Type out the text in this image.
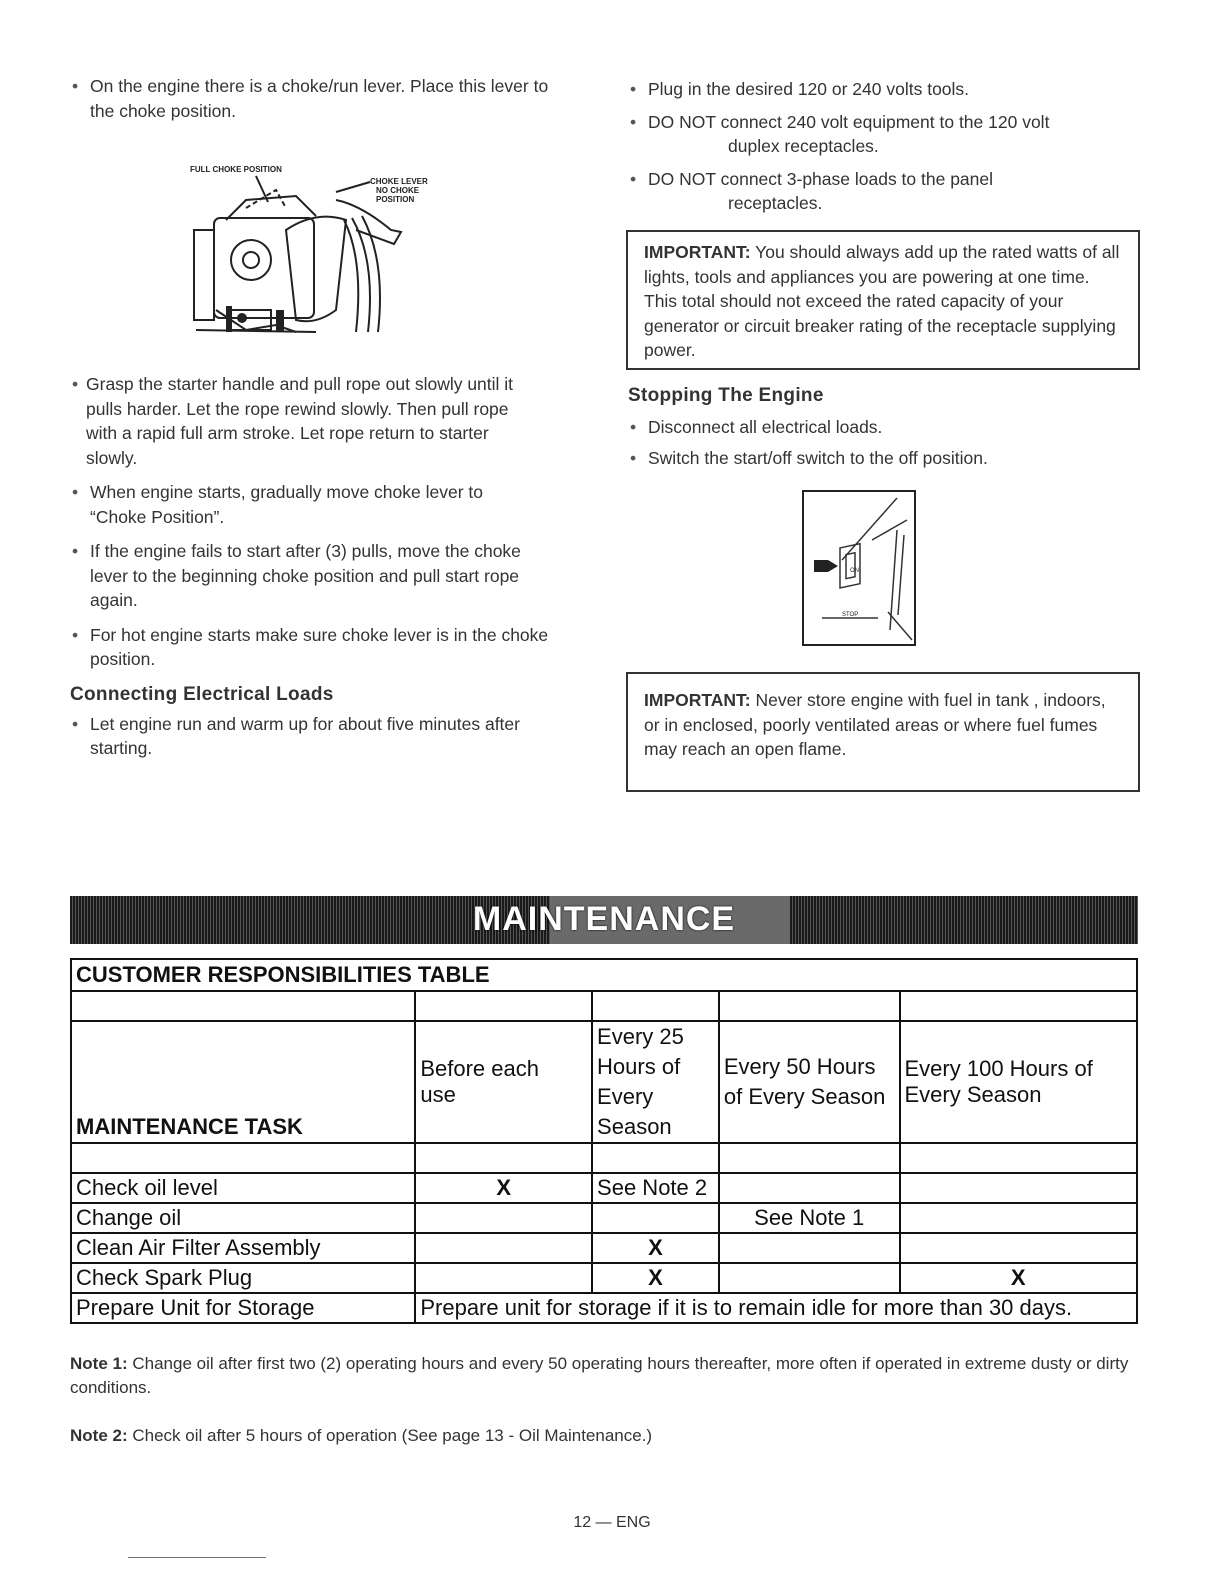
• On the engine there is a choke/run lever. Place this lever to the choke position.
FULL CHOKE POSITION
CHOKE LEVER
NO CHOKE
POSITION
• Grasp the starter handle and pull rope out slowly until it pulls harder. Let the rope rewind slowly. Then pull rope with a rapid full arm stroke. Let rope return to starter slowly.
• When engine starts, gradually move choke lever to “Choke Position”.
• If the engine fails to start after (3) pulls, move the choke lever to the beginning choke position and pull start rope again.
• For hot engine starts make sure choke lever is in the choke position.
Connecting Electrical Loads
• Let engine run and warm up for about five minutes after starting.
• Plug in the desired 120 or 240 volts tools.
• DO NOT connect 240 volt equipment to the 120 volt
duplex receptacles.
• DO NOT connect 3-phase loads to the panel
receptacles.
IMPORTANT: You should always add up the rated watts of all lights, tools and appliances you are powering at one time. This total should not exceed the rated capacity of your generator or circuit breaker rating of the receptacle supplying power.
Stopping The Engine
• Disconnect all electrical loads.
• Switch the start/off switch to the off position.
ON
STOP
IMPORTANT: Never store engine with fuel in tank , indoors, or in enclosed, poorly ventilated areas or where fuel fumes may reach an open flame.
MAINTENANCE
CUSTOMER RESPONSIBILITIES TABLE				

MAINTENANCE TASK	Before each use	Every 25 Hours of Every Season	Every 50 Hours of Every Season	Every 100 Hours of Every Season

Check oil level	X	See Note 2		
Change oil			See Note 1	
Clean Air Filter Assembly		X		
Check Spark Plug		X		X
Prepare Unit for Storage	Prepare unit for storage if it is to remain idle for more than 30 days.			
Note 1: Change oil after first two (2) operating hours and every 50 operating hours thereafter, more often if operated in extreme dusty or dirty conditions.
Note 2: Check oil after 5 hours of operation (See page 13 - Oil Maintenance.)
12 — ENG
